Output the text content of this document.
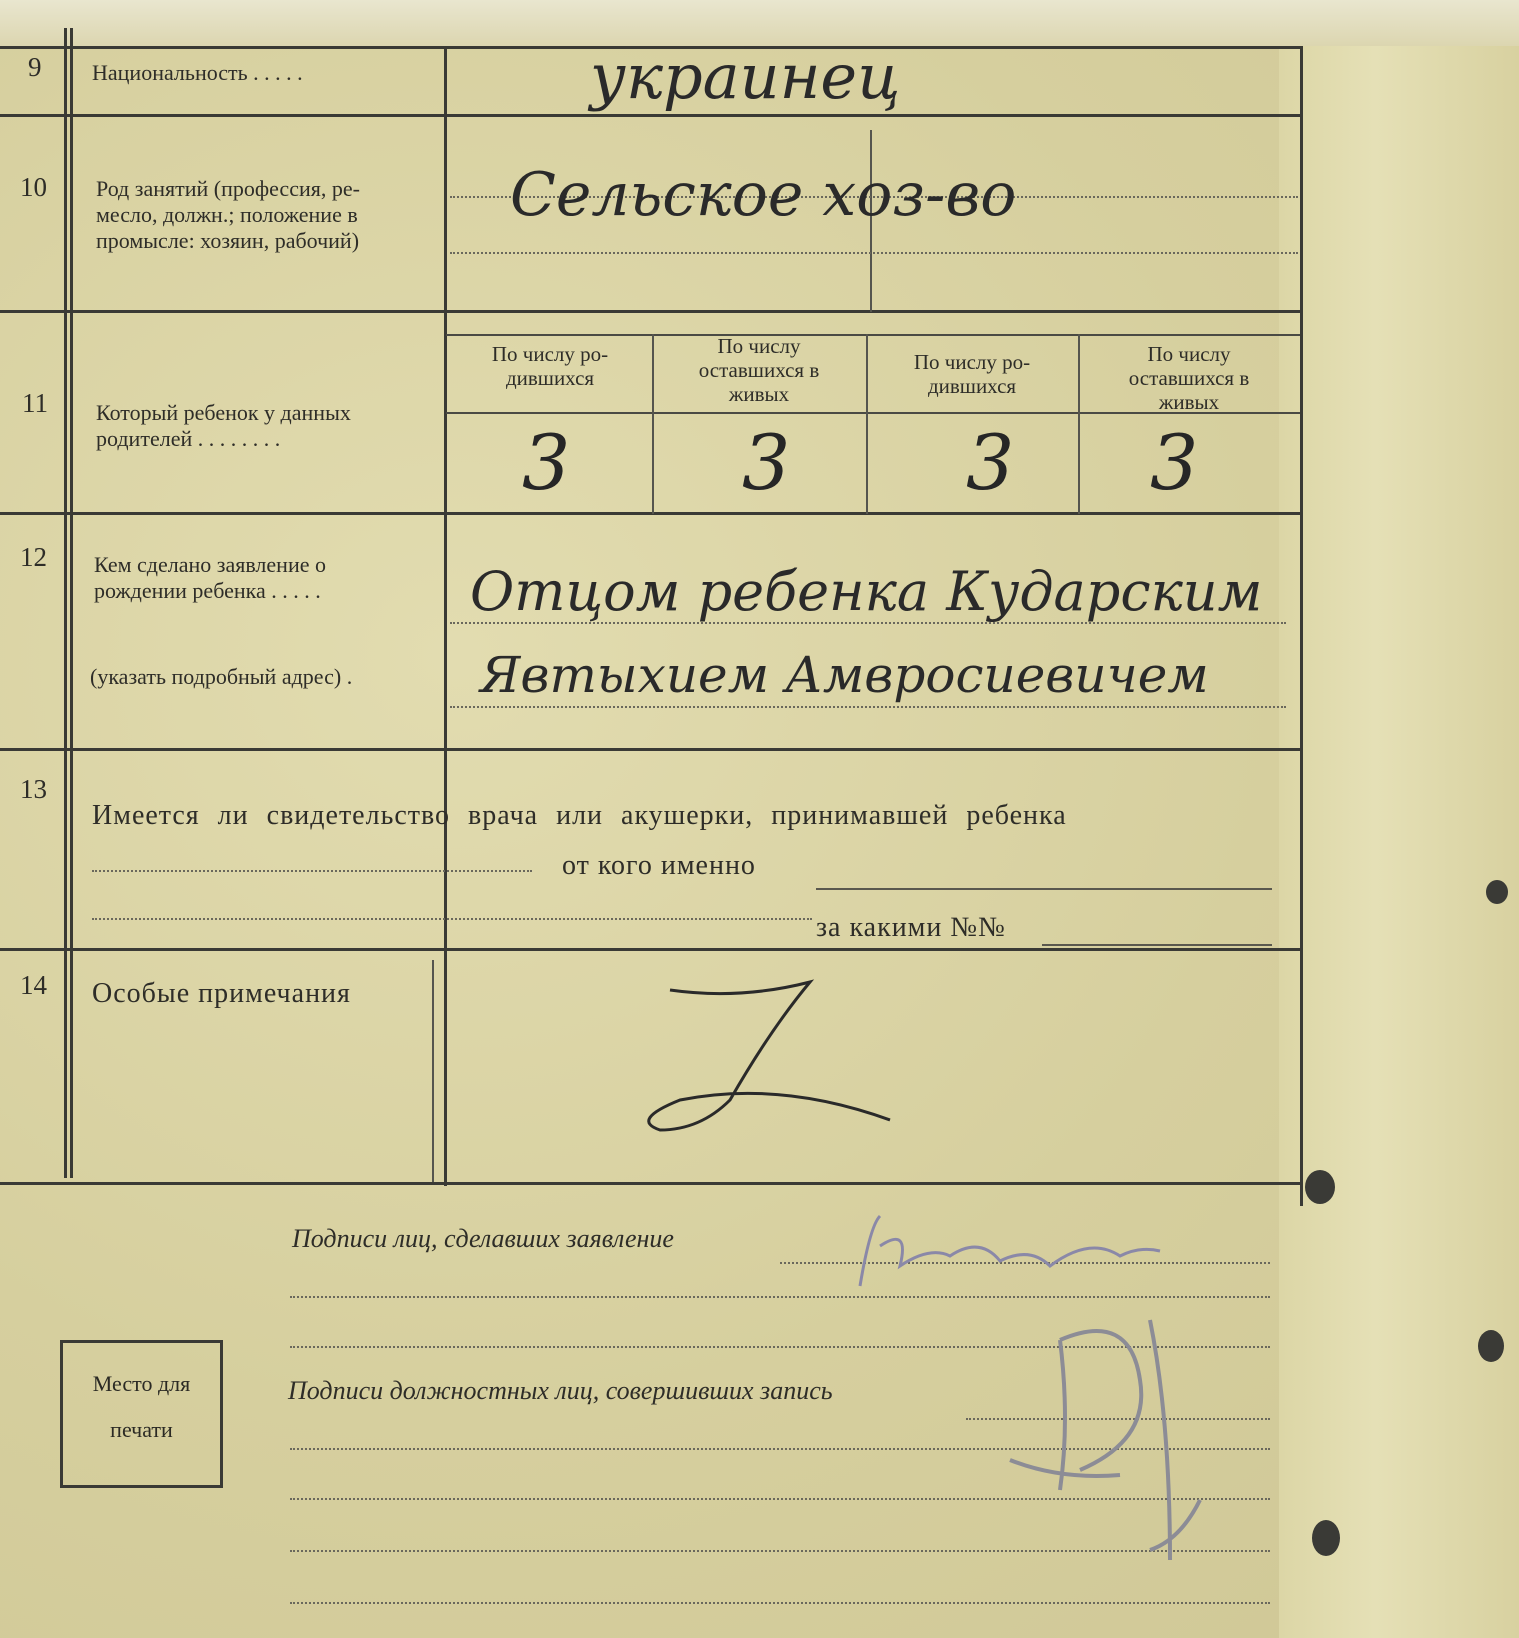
9 Национальность . . . . .	украинец
10 Род занятий (профессия, ре-
месло, должн.; положение в
промысле: хозяин, рабочий)
Сельское хоз-во
11 Который ребенок у данных
родителей . . . . . . . .
По числу ро-
дившихся
По числу
оставшихся в
живых
По числу ро-
дившихся
По числу
оставшихся в
живых
3 3 3 3
12 Кем сделано заявление о
рождении ребенка . . . . .
(указать подробный адрес) .
Отцом ребенка Кударским
Явтыхием Амвросиевичем
13
Имеется ли свидетельство врача или акушерки, принимавшей ребенка
от кого именно
за какими №№
14 Особые примечания
Подписи лиц, сделавших заявление
Подписи должностных лиц, совершивших запись
Место для
печати
